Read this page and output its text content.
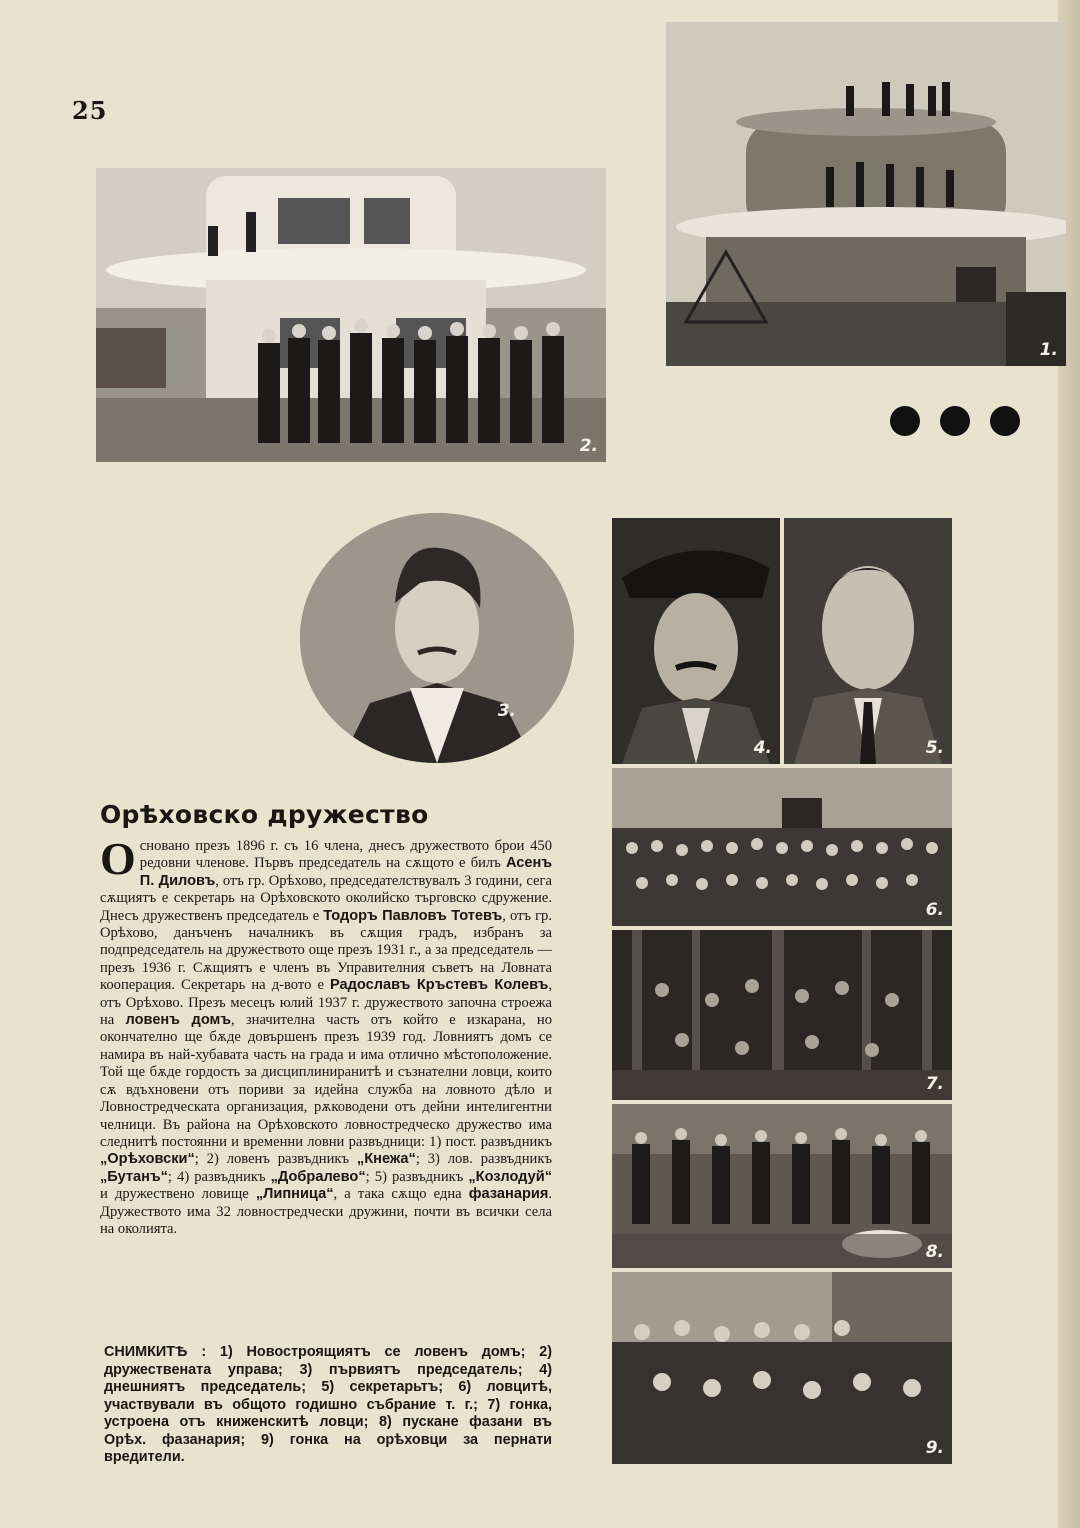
25
2.
1.
3.
4.	5.
6.
7.
8.
9.
Орѣховско дружество

Основано презъ 1896 г. съ 16 члена, днесъ дружеството брои 450 редовни членове. Първъ председатель на сѫщото е билъ Асенъ П. Диловъ, отъ гр. Орѣхово, председателствувалъ 3 години, сега сѫщиятъ е секретарь на Орѣховското околийско търговско сдружение. Днесъ дружественъ председатель е Тодоръ Павловъ Тотевъ, отъ гр. Орѣхово, данъченъ началникъ въ сѫщия градъ, избранъ за подпредседатель на дружеството още презъ 1931 г., а за председатель — презъ 1936 г. Сѫщиятъ е членъ въ Управителния съветъ на Ловната кооперация. Секретарь на д-вото е Радославъ Кръстевъ Колевъ, отъ Орѣхово. Презъ месецъ юлий 1937 г. дружеството започна строежа на ловенъ домъ, значителна часть отъ който е изкарана, но окончателно ще бѫде довършенъ презъ 1939 год. Ловниятъ домъ се намира въ най-хубавата часть на града и има отлично мѣстоположение. Той ще бѫде гордость за дисциплиниранитѣ и съзнателни ловци, които сѫ вдъхновени отъ пориви за идейна служба на ловното дѣло и Ловностредческата организация, рѫководени отъ дейни интелигентни челници. Въ района на Орѣховското ловностредческо дружество има следнитѣ постоянни и временни ловни развъдници: 1) пост. развъдникъ „Орѣховски“; 2) ловенъ развъдникъ „Кнежа“; 3) лов. развъдникъ „Бутанъ“; 4) развъдникъ „Добралево“; 5) развъдникъ „Козлодуй“ и дружествено ловище „Липница“, а така сѫщо една фазанария. Дружеството има 32 ловностредчески дружини, почти въ всички села на околията.

СНИМКИТѢ : 1) Новостроящиятъ се ловенъ домъ; 2) дружествената управа; 3) първиятъ председатель; 4) днешниятъ председатель; 5) секретарьтъ; 6) ловцитѣ, участвували въ общото годишно събрание т. г.; 7) гонка, устроена отъ книженскитѣ ловци; 8) пускане фазани въ Орѣх. фазанария; 9) гонка на орѣховци за пернати вредители.
